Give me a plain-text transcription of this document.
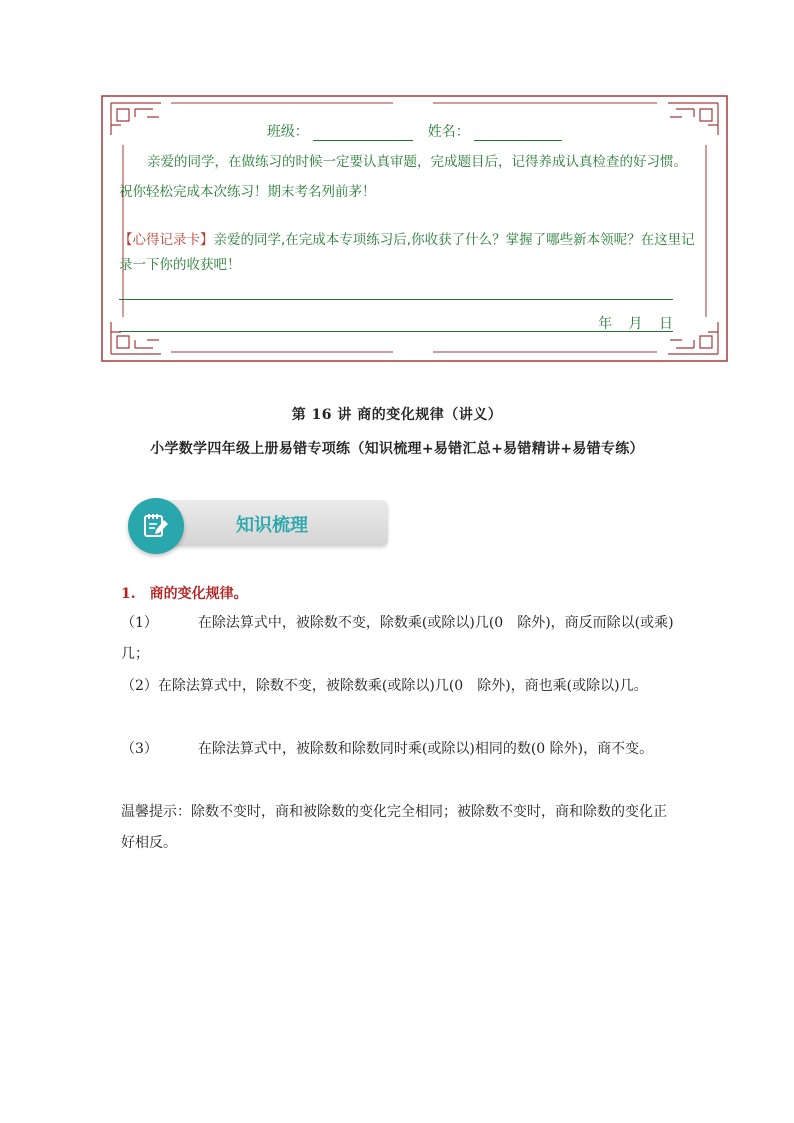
班级：	姓名：
亲爱的同学，在做练习的时候一定要认真审题，完成题目后，记得养成认真检查的好习惯。祝你轻松完成本次练习！期末考名列前茅！
【心得记录卡】亲爱的同学,在完成本专项练习后,你收获了什么？掌握了哪些新本领呢？在这里记录一下你的收获吧！
年 月 日
第 16 讲 商的变化规律（讲义）
小学数学四年级上册易错专项练（知识梳理+易错汇总+易错精讲+易错专练）
知识梳理
1. 商的变化规律。
（1）	在除法算式中，被除数不变，除数乘(或除以)几(0　除外)，商反而除以(或乘)几；
（2）在除法算式中，除数不变，被除数乘(或除以)几(0　除外)，商也乘(或除以)几。
（3）	在除法算式中，被除数和除数同时乘(或除以)相同的数(0 除外)，商不变。
温馨提示：除数不变时，商和被除数的变化完全相同；被除数不变时，商和除数的变化正好相反。
